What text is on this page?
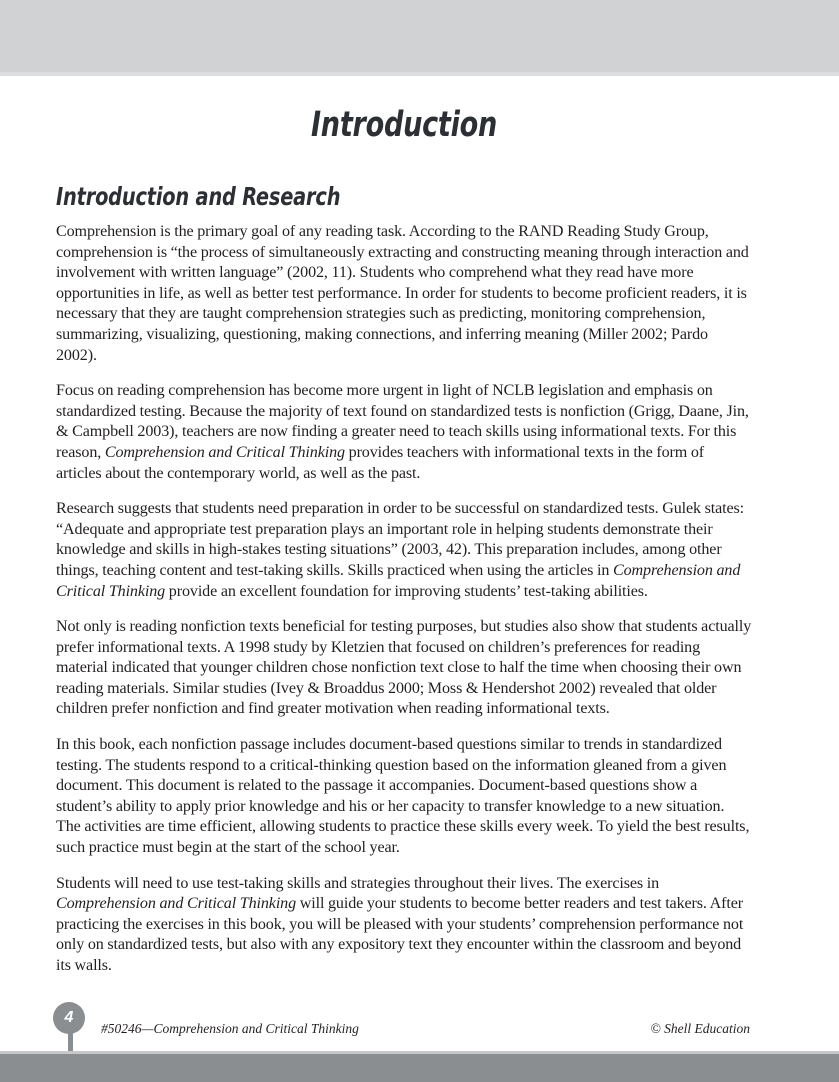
Introduction
Introduction and Research

Comprehension is the primary goal of any reading task. According to the RAND Reading Study Group, comprehension is “the process of simultaneously extracting and constructing meaning through interaction and involvement with written language” (2002, 11). Students who comprehend what they read have more opportunities in life, as well as better test performance. In order for students to become proficient readers, it is necessary that they are taught comprehension strategies such as predicting, monitoring comprehension, summarizing, visualizing, questioning, making connections, and inferring meaning (Miller 2002; Pardo 2002).

Focus on reading comprehension has become more urgent in light of NCLB legislation and emphasis on standardized testing. Because the majority of text found on standardized tests is nonfiction (Grigg, Daane, Jin, & Campbell 2003), teachers are now finding a greater need to teach skills using informational texts. For this reason, Comprehension and Critical Thinking provides teachers with informational texts in the form of articles about the contemporary world, as well as the past.

Research suggests that students need preparation in order to be successful on standardized tests. Gulek states: “Adequate and appropriate test preparation plays an important role in helping students demonstrate their knowledge and skills in high-stakes testing situations” (2003, 42). This preparation includes, among other things, teaching content and test-taking skills. Skills practiced when using the articles in Comprehension and Critical Thinking provide an excellent foundation for improving students’ test-taking abilities.

Not only is reading nonfiction texts beneficial for testing purposes, but studies also show that students actually prefer informational texts. A 1998 study by Kletzien that focused on children’s preferences for reading material indicated that younger children chose nonfiction text close to half the time when choosing their own reading materials. Similar studies (Ivey & Broaddus 2000; Moss & Hendershot 2002) revealed that older children prefer nonfiction and find greater motivation when reading informational texts.

In this book, each nonfiction passage includes document-based questions similar to trends in standardized testing. The students respond to a critical-thinking question based on the information gleaned from a given document. This document is related to the passage it accompanies. Document-based questions show a student’s ability to apply prior knowledge and his or her capacity to transfer knowledge to a new situation. The activities are time efficient, allowing students to practice these skills every week. To yield the best results, such practice must begin at the start of the school year.

Students will need to use test-taking skills and strategies throughout their lives. The exercises in Comprehension and Critical Thinking will guide your students to become better readers and test takers. After practicing the exercises in this book, you will be pleased with your students’ comprehension performance not only on standardized tests, but also with any expository text they encounter within the classroom and beyond its walls.

4
#50246—Comprehension and Critical Thinking	© Shell Education
